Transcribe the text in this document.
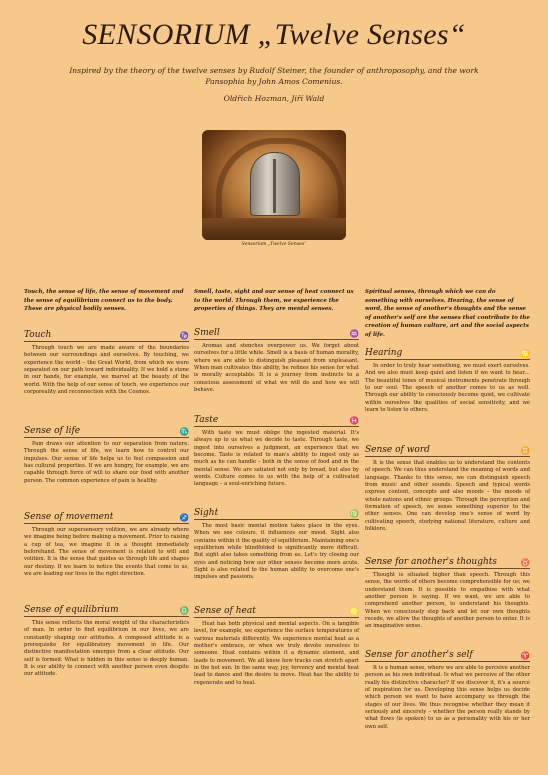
SENSORIUM „Twelve Senses“
Inspired by the theory of the twelve senses by Rudolf Steiner, the founder of anthroposophy, and the work Pansophia by John Amos Comenius.
Oldřich Hozman, Jiří Wald
Sensorium „Twelve Senses“
Touch, the sense of life, the sense of movement and the sense of equilibrium connect us to the body. These are physical bodily senses.
Touch	♑
Through touch we are made aware of the boundaries between our surroundings and ourselves. By touching, we experience the world – the Great World, from which we were separated on our path toward individuality. If we hold a stone in our hands, for example, we marvel at the beauty of the world. With the help of our sense of touch, we experience our corporeality and reconnection with the Cosmos.
Sense of life	♏
Pain draws our attention to our separation from nature. Through the sense of life, we learn how to control our impulses. Our sense of life helps us to feel compassion and has cultural properties. If we are hungry, for example, we are capable through force of will to share our food with another person. The common experience of pain is healthy.
Sense of movement	♐
Through our supersensory volition, we are already where we imagine being before making a movement. Prior to raising a cup of tea, we imagine it in a thought immediately beforehand. The sense of movement is related to will and volition. It is the sense that guides us through life and shapes our destiny. If we learn to notice the events that come to us, we are leading our lives in the right direction.
Sense of equilibrium	♎
This sense reflects the moral weight of the characteristics of man. In order to find equilibrium in our lives, we are constantly shaping our attitudes. A composed attitude is a prerequisite for equilibratory movement in life. Our distinctive manifestation emerges from a clear attitude. Our self is formed. What is hidden in this sense is deeply human. It is our ability to connect with another person even despite our attitude.
Smell, taste, sight and our sense of heat connect us to the world. Through them, we experience the properties of things. They are mental senses.
Smell	♒
Aromas and stenches overpower us. We forget about ourselves for a little while. Smell is a basis of human morality, where we are able to distinguish pleasant from unpleasant. When man cultivates this ability, he refines his sense for what is morally acceptable. It is a journey from instincts to a conscious assessment of what we will do and how we will behave.
Taste	♓
With taste we must oblige the ingested material. It's always up to us what we decide to taste. Through taste, we ingest into ourselves a judgment, an experience that we become. Taste is related to man's ability to ingest only as much as he can handle – both in the sense of food and in the mental sense. We are satiated not only by bread, but also by words. Culture comes to us with the help of a cultivated language – a soul-enriching future.
Sight	♍
The most basic mental motion takes place in the eyes. When we see colours, it influences our mood. Sight also contains within it the quality of equilibrium. Maintaining one's equilibrium while blindfolded is significantly more difficult. But sight also takes something from us. Let's try closing our eyes and noticing how our other senses become more acute. Sight is also related to the human ability to overcome one's impulses and passions.
Sense of heat	♌
Heat has both physical and mental aspects. On a tangible level, for example, we experience the surface temperatures of various materials differently. We experience mental heat as a mother's embrace, or when we truly devote ourselves to someone. Heat contains within it a dynamic element, and leads to movement. We all know how tracks can stretch apart in the hot sun. In the same way, joy, fervency and mental heat lead to dance and the desire to move. Heat has the ability to regenerate and to heal.
Spiritual senses, through which we can do something with ourselves. Hearing, the sense of word, the sense of another's thoughts and the sense of another's self are the senses that contribute to the creation of human culture, art and the social aspects of life.
Hearing	♋
In order to truly hear something, we must exert ourselves. And we also must keep quiet and listen if we want to hear… The beautiful tones of musical instruments penetrate through to our soul. The speech of another comes to us as well. Through our ability to consciously become quiet, we cultivate within ourselves the qualities of social sensitivity, and we learn to listen to others.
Sense of word	♊
It is the sense that enables us to understand the contents of speech. We can thus understand the meaning of words and language. Thanks to this sense, we can distinguish speech from music and other sounds. Speech and typical words express content, concepts and also moods – the moods of whole nations and ethnic groups. Through the perception and formation of speech, we sense something superior to the other senses. One can develop one's sense of word by cultivating speech, studying national literature, culture and folklore.
Sense for another's thoughts	♉
Thought is situated higher than speech. Through this sense, the words of others become comprehensible for us; we understand them. It is possible to empathise with what another person is saying. If we want, we are able to comprehend another person, to understand his thoughts. When we consciously step back and let our own thoughts recede, we allow the thoughts of another person to enter. It is an imaginative sense.
Sense for another's self	♈
It is a human sense, where we are able to perceive another person as his own individual. Is what we perceive of the other really his distinctive character? If we discover it, it's a source of inspiration for us. Developing this sense helps us decide which person we want to have accompany us through the stages of our lives. We thus recognise whether they mean it seriously and sincerely – whether the person really stands by what flows (is spoken) to us as a personality with his or her own self.
